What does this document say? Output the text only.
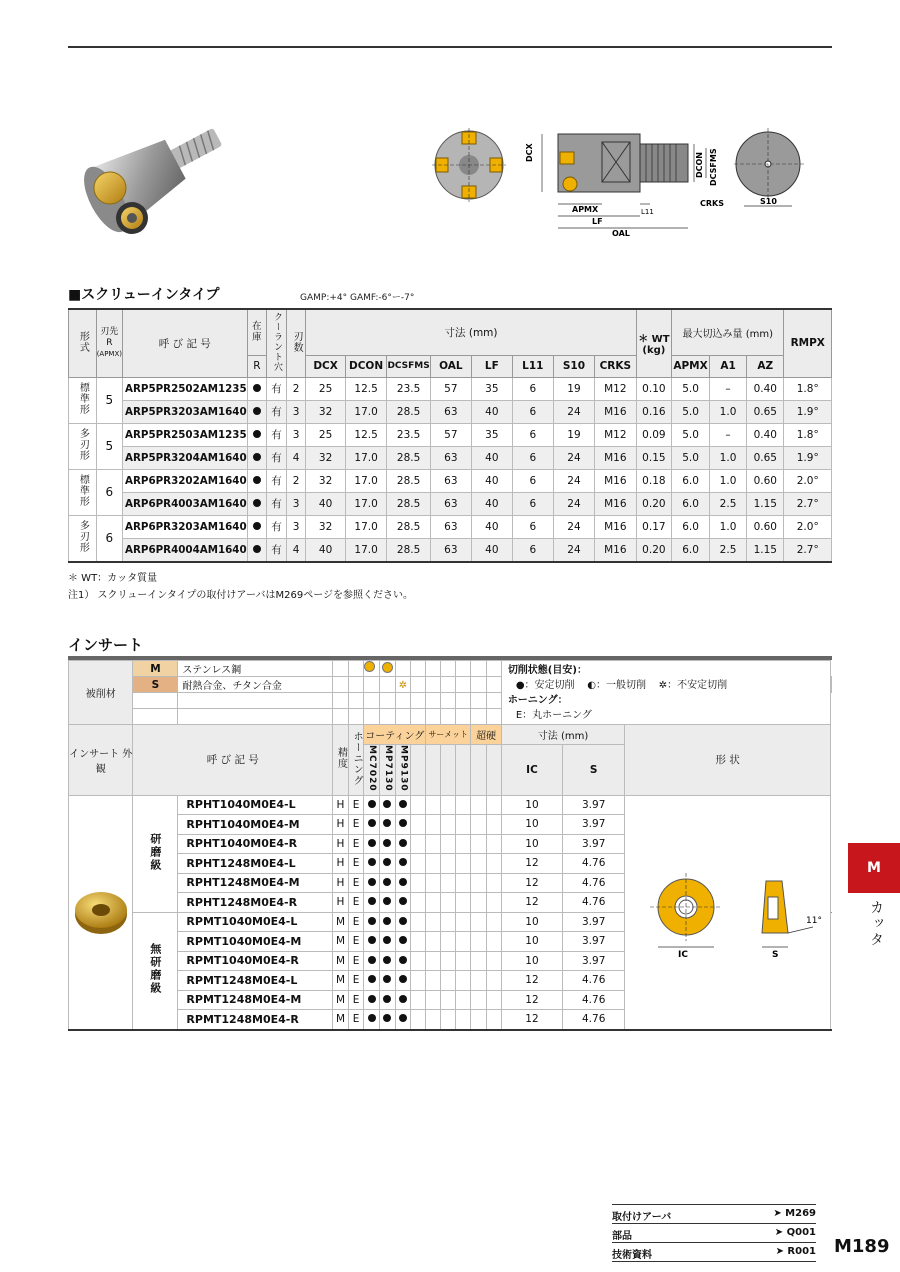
DCX
APMX
LF
OAL
L11
DCON DCSFMS
CRKS	S10
■スクリューインタイプ	GAMP:+4° GAMF:-6°ー-7°
形式	刃先 R
(APMX)	呼 び 記 号	在庫	クーラント穴	刃数	寸法 (mm)								＊ WT (kg)	最大切込み量 (mm)			RMPX
			R			DCX	DCON	DCSFMS	OAL	LF	L11	S10	CRKS		APMX	A1	AZ	
標準形	5	ARP5PR2502AM1235		有	2	25	12.5	23.5	57	35	6	19	M12	0.10	5.0	–	0.40	1.8°
		ARP5PR3203AM1640		有	3	32	17.0	28.5	63	40	6	24	M16	0.16	5.0	1.0	0.65	1.9°
多刃形	5	ARP5PR2503AM1235		有	3	25	12.5	23.5	57	35	6	19	M12	0.09	5.0	–	0.40	1.8°
		ARP5PR3204AM1640		有	4	32	17.0	28.5	63	40	6	24	M16	0.15	5.0	1.0	0.65	1.9°
標準形	6	ARP6PR3202AM1640		有	2	32	17.0	28.5	63	40	6	24	M16	0.18	6.0	1.0	0.60	2.0°
		ARP6PR4003AM1640		有	3	40	17.0	28.5	63	40	6	24	M16	0.20	6.0	2.5	1.15	2.7°
多刃形	6	ARP6PR3203AM1640		有	3	32	17.0	28.5	63	40	6	24	M16	0.17	6.0	1.0	0.60	2.0°
		ARP6PR4004AM1640		有	4	40	17.0	28.5	63	40	6	24	M16	0.20	6.0	2.5	1.15	2.7°
＊ WT：カッタ質量
注1） スクリューインタイプの取付けアーバはM269ページを参照ください。
インサート
被削材	M	ステンレス鋼												切削状態(目安)：
●：安定切削 ◐：一般切削 ✲：不安定切削
ホーニング：
E：丸ホーニング			

	S	耐熱合金、チタン合金					✲										

インサート 外観	呼 び 記 号		精度	ホーニング	コーティング				サーメット			超硬		寸法 (mm)		形 状	
					MC7020	MP7130	MP9130							IC	S		
	研磨級	RPHT1040M0E4-L	H	E										10	3.97	IC S
11°	

		RPHT1040M0E4-M	H	E										10	3.97		
		RPHT1040M0E4-R	H	E										10	3.97		
		RPHT1248M0E4-L	H	E										12	4.76		
		RPHT1248M0E4-M	H	E										12	4.76		
		RPHT1248M0E4-R	H	E										12	4.76		
	無研磨級	RPMT1040M0E4-L	M	E										10	3.97		
		RPMT1040M0E4-M	M	E										10	3.97		
		RPMT1040M0E4-R	M	E										10	3.97		
		RPMT1248M0E4-L	M	E										12	4.76		
		RPMT1248M0E4-M	M	E										12	4.76		
		RPMT1248M0E4-R	M	E										12	4.76		
M
カッタ
取付けアーバ	➤ M269
部品	➤ Q001
技術資料	➤ R001 M189
